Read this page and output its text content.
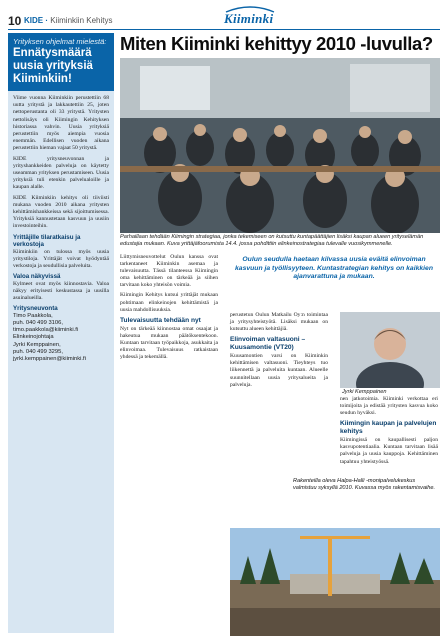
10 KIDE · Kiiminkiin Kehitys	Kiiminki
Yrityksen ohjelmat mielestä:
Ennätysmäärä uusia yrityksiä Kiiminkiin!

Viime vuonna Kiiminkiin perustettiin 68 uutta yritystä ja lakkautettiin 25, joten nettoperustanta oli 33 yritystä. Yritysten nettolisäys oli Kiimingin Kehityksen historiassa vahvin. Uusia yrityksiä perustettiin myös aiempia vuosia enemmän. Edellisen vuoden aikana perustettiin hieman vajaat 50 yritystä.

KIDE yritysneuvonnan ja yrityshankkeiden palveluja on käytetty useamman yrityksen perustamiseen. Uusia yrityksiä tuli etenkin palvelualoille ja kaupan alalle.

KIDE Kiiminkiin kehitys oli tiiviisti mukana vuoden 2010 aikana yritysten kehittämishankkeissa sekä sijoittumisessa. Yrityksiä kannustetaan kasvuun ja uusiin investointeihin.

Yrittäjille tilaratkaisu ja verkostoja

Kiiminkiin on tulossa myös uusia yritystiloja. Yrittäjät voivat hyödyntää verkostoja ja seudullisia palveluita.

Valoa näkyvissä

Kylmeet ovat myös kiinnostavia. Valoa näkyy erityisesti keskustassa ja uusilla asuinalueilla.

Yritysneuvonta
Timo Paakkola,
puh. 040 499 3106,
timo.paakkola@kiiminki.fi
Elinkeinojohtaja
Jyrki Kemppainen,
puh. 040 499 3295,
jyrki.kemppainen@kiiminki.fi
Miten Kiiminki kehittyy 2010 -luvulla?
Parhaillaan tehdään Kiimingin strategiaa, jonka tekemiseen on kutsuttu kuntapäättäjien lisäksi kaupan alueen yrityselämän edustajia mukaan. Kuva yrittäjäfoorumista 14.4. jossa pohdittiin elinkeinostrategiaa tulevalle vuosikymmenelle.

Oulun seudulla haetaan kilvassa uusia eväitä elinvoiman kasvuun ja työllisyyteen. Kuntastrategian kehitys on kaikkien ajanvarattuna ja mukaan.

Liittymisneuvottelut Oulun kanssa ovat tarkentaneet Kiiminkin asemaa ja tulevaisuutta. Tässä tilanteessa Kiimingin oma kehittäminen on tärkeää ja siihen tarvitaan koko yhteisön voimia.

Kiimingin Kehitys kutsui yrittäjät mukaan pohtimaan elinkeinojen kehittämistä ja uusia mahdollisuuksia.

Tulevaisuutta tehdään nyt

Nyt on tärkeää kiinnostaa omat osaajat ja hakeutua mukaan päätöksentekoon. Kuntaan tarvitaan työpaikkoja, asukkaita ja elinvoimaa. Tulevaisuus ratkaistaan yhdessä ja tekemällä.

perustetun Oulun Matkailu Oy:n toimintaa ja yritysyhteistyötä. Lisäksi mukaan on kutsuttu alueen kehittäjiä.

Elinvoiman valtasuoni – Kuusamontie (VT20)

Kuusamontien varsi on Kiiminkin kehittämisen valtasuoni. Tieyhteys tuo liikennettä ja palveluita kuntaan. Alueelle suunnitellaan uusia yritysalueita ja palveluja.

nen jatkotoimia. Kiiminki verkottaa eri toimijoita ja edistää yritysten kasvua koko seudun hyväksi.

Kiimingin kaupan ja palvelujen kehitys

Kiimingissä on kaupallisesti paljon kasvupotentiaalia. Kuntaan tarvitaan lisää palveluja ja uusia kauppoja. Kehittäminen tapahtuu yhteistyössä.

Jyrki Kemppainen
Rakenteilla oleva Halpa-Halli -monipalvelukeskus valmistuu syksyllä 2010. Kuvassa myös rakentamisvaihe.
